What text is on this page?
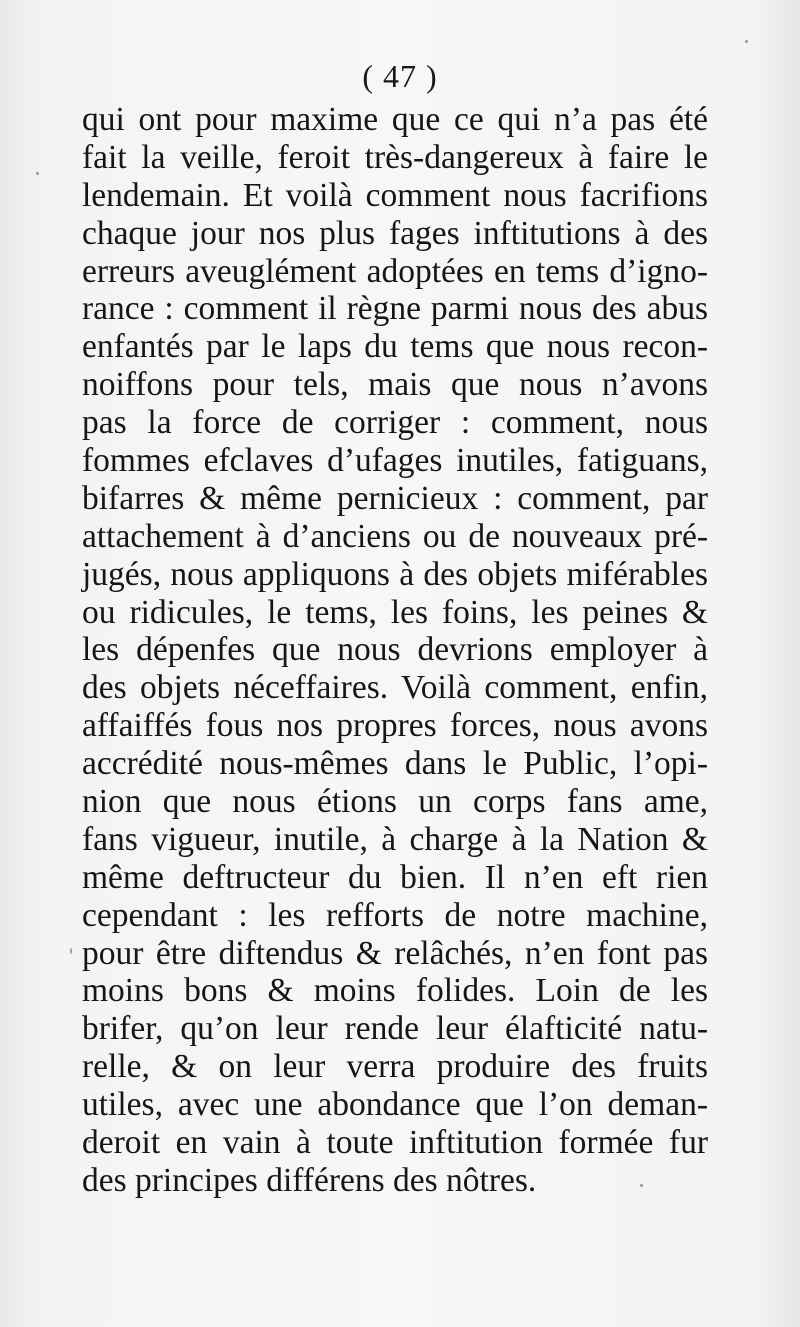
( 47 )
qui ont pour maxime que ce qui n’a pas été
fait la veille, feroit très-dangereux à faire le
lendemain. Et voilà comment nous facrifions
chaque jour nos plus fages inftitutions à des
erreurs aveuglément adoptées en tems d’igno-
rance : comment il règne parmi nous des abus
enfantés par le laps du tems que nous recon-
noiffons pour tels, mais que nous n’avons
pas la force de corriger : comment, nous
fommes efclaves d’ufages inutiles, fatiguans,
bifarres & même pernicieux : comment, par
attachement à d’anciens ou de nouveaux pré-
jugés, nous appliquons à des objets miférables
ou ridicules, le tems, les foins, les peines &
les dépenfes que nous devrions employer à
des objets néceffaires. Voilà comment, enfin,
affaiffés fous nos propres forces, nous avons
accrédité nous-mêmes dans le Public, l’opi-
nion que nous étions un corps fans ame,
fans vigueur, inutile, à charge à la Nation &
même deftructeur du bien. Il n’en eft rien
cependant : les refforts de notre machine,
pour être diftendus & relâchés, n’en font pas
moins bons & moins folides. Loin de les
brifer, qu’on leur rende leur élafticité natu-
relle, & on leur verra produire des fruits
utiles, avec une abondance que l’on deman-
deroit en vain à toute inftitution formée fur
des principes différens des nôtres.
